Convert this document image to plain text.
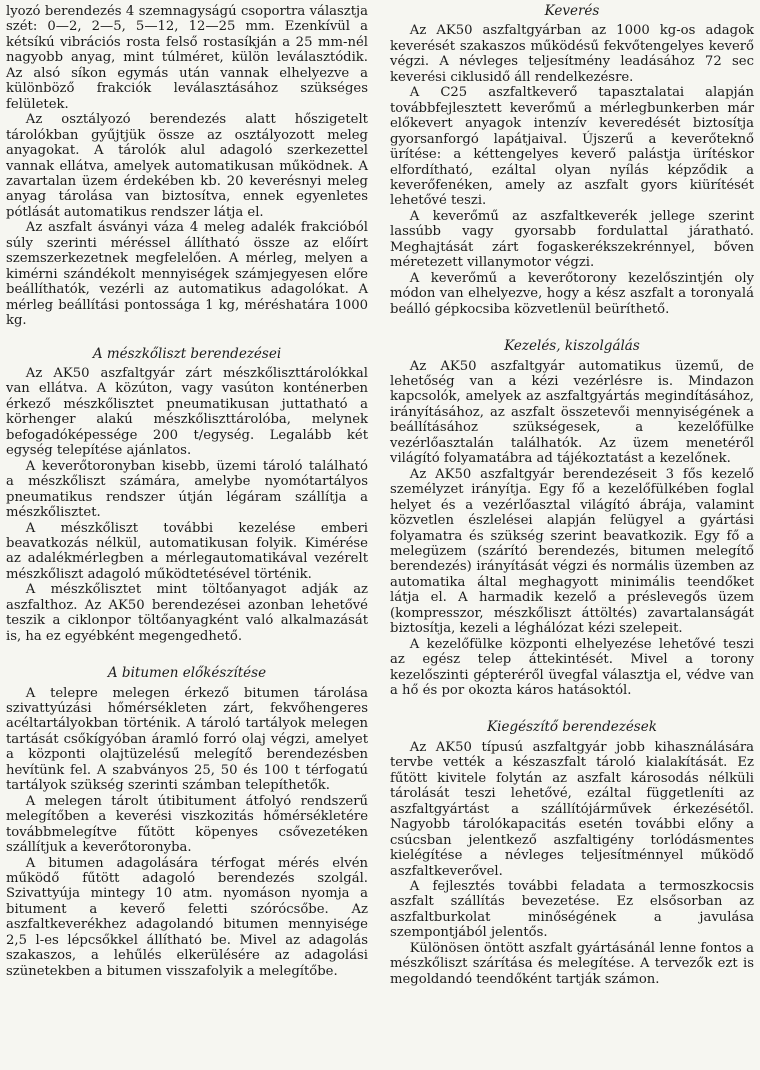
lyozó berendezés 4 szemnagyságú csoportra választja szét: 0—2, 2—5, 5—12, 12—25 mm. Ezenkívül a kétsíkú vibrációs rosta felső rostasíkján a 25 mm-nél nagyobb anyag, mint túlméret, külön leválasztódik. Az alsó síkon egymás után vannak elhelyezve a különböző frakciók leválasztásához szükséges felületek.

Az osztályozó berendezés alatt hőszigetelt tárolókban gyűjtjük össze az osztályozott meleg anyagokat. A tárolók alul adagoló szerkezettel vannak ellátva, amelyek automatikusan működnek. A zavartalan üzem érdekében kb. 20 keverésnyi meleg anyag tárolása van biztosítva, ennek egyenletes pótlását automatikus rendszer látja el.

Az aszfalt ásványi váza 4 meleg adalék frakcióból súly szerinti méréssel állítható össze az előírt szemszerkezetnek megfelelően. A mérleg, melyen a kimérni szándékolt mennyiségek számjegyesen előre beállíthatók, vezérli az automatikus adagolókat. A mérleg beállítási pontossága 1 kg, méréshatára 1000 kg.

A mészkőliszt berendezései

Az AK50 aszfaltgyár zárt mészkőliszttárolókkal van ellátva. A közúton, vagy vasúton konténerben érkező mészkőlisztet pneumatikusan juttatható a körhenger alakú mészkőliszttárolóba, melynek befogadóképessége 200 t/egység. Legalább két egység telepítése ajánlatos.

A keverőtoronyban kisebb, üzemi tároló található a mészkőliszt számára, amelybe nyomótartályos pneumatikus rendszer útján légáram szállítja a mészkőlisztet.

A mészkőliszt további kezelése emberi beavatkozás nélkül, automatikusan folyik. Kimérése az adalékmérlegben a mérlegautomatikával vezérelt mészkőliszt adagoló működtetésével történik.

A mészkőlisztet mint töltőanyagot adják az aszfalthoz. Az AK50 berendezései azonban lehetővé teszik a ciklonpor töltőanyagként való alkalmazását is, ha ez egyébként megengedhető.

A bitumen előkészítése

A telepre melegen érkező bitumen tárolása szivattyúzási hőmérsékleten zárt, fekvőhengeres acéltartályokban történik. A tároló tartályok melegen tartását csőkígyóban áramló forró olaj végzi, amelyet a központi olajtüzelésű melegítő berendezésben hevítünk fel. A szabványos 25, 50 és 100 t térfogatú tartályok szükség szerinti számban telepíthetők.

A melegen tárolt útibitument átfolyó rendszerű melegítőben a keverési viszkozitás hőmérsékletére továbbmelegítve fűtött köpenyes csővezetéken szállítjuk a keverőtoronyba.

A bitumen adagolására térfogat mérés elvén működő fűtött adagoló berendezés szolgál. Szivattyúja mintegy 10 atm. nyomáson nyomja a bitument a keverő feletti szórócsőbe. Az aszfaltkeverékhez adagolandó bitumen mennyisége 2,5 l-es lépcsőkkel állítható be. Mivel az adagolás szakaszos, a lehűlés elkerülésére az adagolási szünetekben a bitumen visszafolyik a melegítőbe.

Keverés

Az AK50 aszfaltgyárban az 1000 kg-os adagok keverését szakaszos működésű fekvőtengelyes keverő végzi. A névleges teljesítmény leadásához 72 sec keverési ciklusidő áll rendelkezésre.

A C25 aszfaltkeverő tapasztalatai alapján továbbfejlesztett keverőmű a mérlegbunkerben már előkevert anyagok intenzív keveredését biztosítja gyorsanforgó lapátjaival. Újszerű a keverőteknő ürítése: a kéttengelyes keverő palástja ürítéskor elfordítható, ezáltal olyan nyílás képződik a keverőfenéken, amely az aszfalt gyors kiürítését lehetővé teszi.

A keverőmű az aszfaltkeverék jellege szerint lassúbb vagy gyorsabb fordulattal járatható. Meghajtását zárt fogaskerékszekrénnyel, bőven méretezett villanymotor végzi.

A keverőmű a keverőtorony kezelőszintjén oly módon van elhelyezve, hogy a kész aszfalt a toronyalá beálló gépkocsiba közvetlenül beüríthető.

Kezelés, kiszolgálás

Az AK50 aszfaltgyár automatikus üzemű, de lehetőség van a kézi vezérlésre is. Mindazon kapcsolók, amelyek az aszfaltgyártás megindításához, irányításához, az aszfalt összetevői mennyiségének a beállításához szükségesek, a kezelőfülke vezérlőasztalán találhatók. Az üzem menetéről világító folyamatábra ad tájékoztatást a kezelőnek.

Az AK50 aszfaltgyár berendezéseit 3 fős kezelő személyzet irányítja. Egy fő a kezelőfülkében foglal helyet és a vezérlőasztal világító ábrája, valamint közvetlen észlelései alapján felügyel a gyártási folyamatra és szükség szerint beavatkozik. Egy fő a melegüzem (szárító berendezés, bitumen melegítő berendezés) irányítását végzi és normális üzemben az automatika által meghagyott minimális teendőket látja el. A harmadik kezelő a préslevegős üzem (kompresszor, mészkőliszt áttöltés) zavartalanságát biztosítja, kezeli a léghálózat kézi szelepeit.

A kezelőfülke központi elhelyezése lehetővé teszi az egész telep áttekintését. Mivel a torony kezelőszinti gépteréről üvegfal választja el, védve van a hő és por okozta káros hatásoktól.

Kiegészítő berendezések

Az AK50 típusú aszfaltgyár jobb kihasználására tervbe vették a készaszfalt tároló kialakítását. Ez fűtött kivitele folytán az aszfalt károsodás nélküli tárolását teszi lehetővé, ezáltal függetleníti az aszfaltgyártást a szállítójárművek érkezésétől. Nagyobb tárolókapacitás esetén további előny a csúcsban jelentkező aszfaltigény torlódásmentes kielégítése a névleges teljesítménnyel működő aszfaltkeverővel.

A fejlesztés további feladata a termoszkocsis aszfalt szállítás bevezetése. Ez elsősorban az aszfaltburkolat minőségének a javulása szempontjából jelentős.

Különösen öntött aszfalt gyártásánál lenne fontos a mészkőliszt szárítása és melegítése. A tervezők ezt is megoldandó teendőként tartják számon.
